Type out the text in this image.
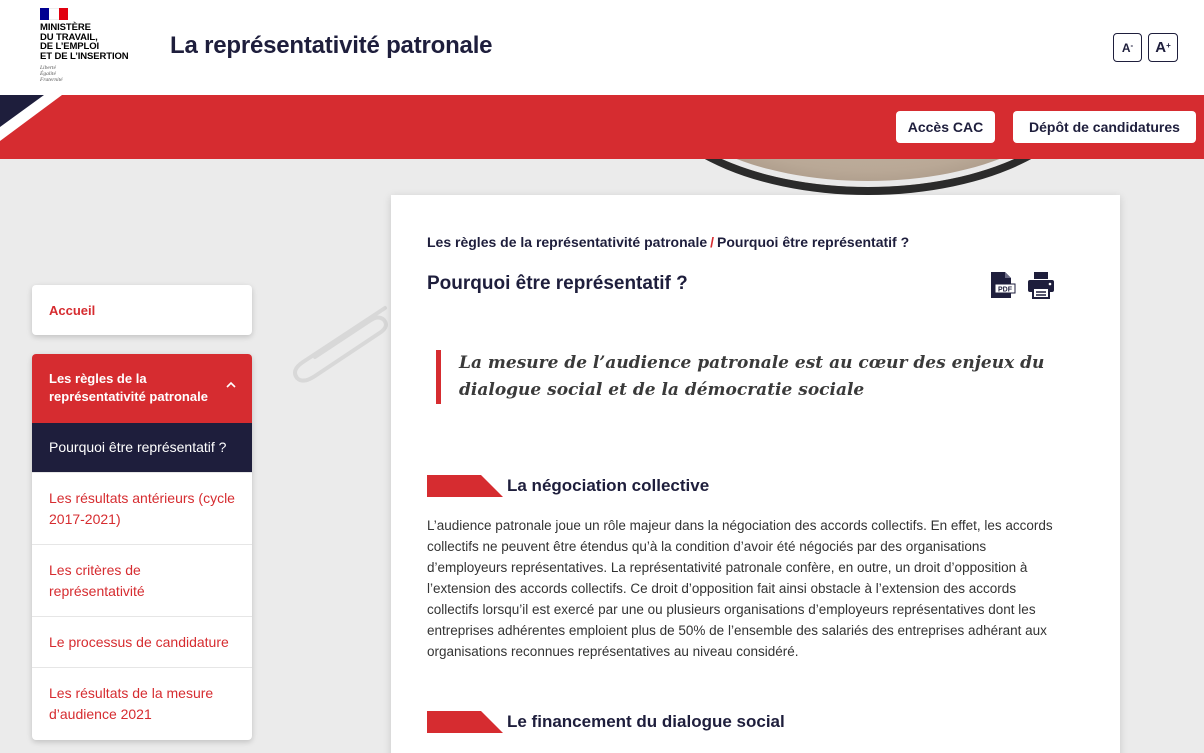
MINISTÈRE
DU TRAVAIL,
DE L’EMPLOI
ET DE L’INSERTION
Liberté
Égalité
Fraternité
La représentativité patronale	A- A+
Accès CAC	Dépôt de candidatures
Accueil
Les règles de la représentativité patronale
Pourquoi être représentatif ?
Les résultats antérieurs (cycle 2017-2021)
Les critères de représentativité
Le processus de candidature
Les résultats de la mesure d’audience 2021
Les règles de la représentativité patronale / Pourquoi être représentatif ?
Pourquoi être représentatif ?	PDF
La mesure de l’audience patronale est au cœur des enjeux du dialogue social et de la démocratie sociale
La négociation collective
L’audience patronale joue un rôle majeur dans la négociation des accords collectifs. En effet, les accords collectifs ne peuvent être étendus qu’à la condition d’avoir été négociés par des organisations d’employeurs représentatives. La représentativité patronale confère, en outre, un droit d’opposition à l’extension des accords collectifs. Ce droit d’opposition fait ainsi obstacle à l’extension des accords collectifs lorsqu’il est exercé par une ou plusieurs organisations d’employeurs représentatives dont les entreprises adhérentes emploient plus de 50% de l’ensemble des salariés des entreprises adhérant aux organisations reconnues représentatives au niveau considéré.
Le financement du dialogue social
